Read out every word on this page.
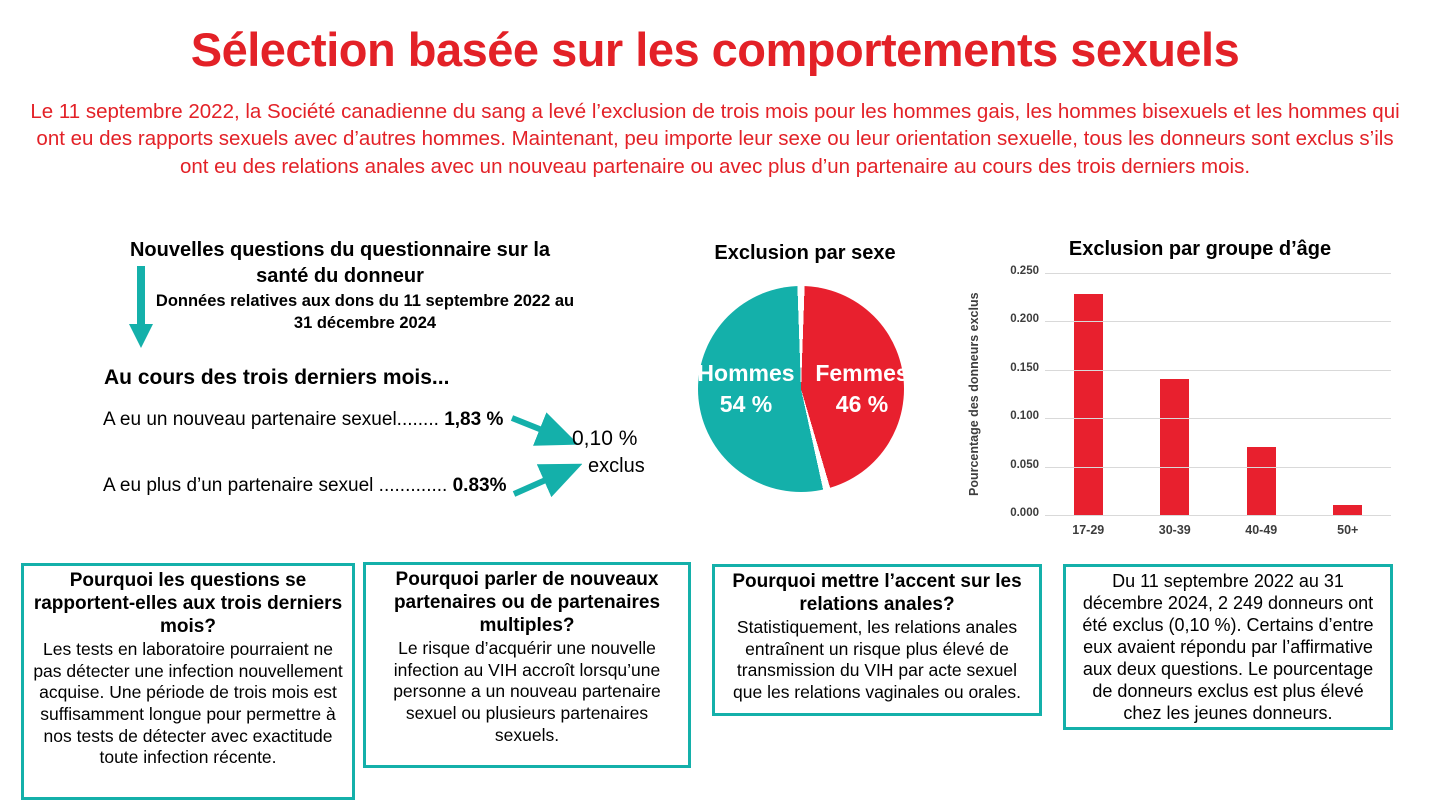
Sélection basée sur les comportements sexuels
Le 11 septembre 2022, la Société canadienne du sang a levé l’exclusion de trois mois pour les hommes gais, les hommes bisexuels et les hommes qui ont eu des rapports sexuels avec d’autres hommes. Maintenant, peu importe leur sexe ou leur orientation sexuelle, tous les donneurs sont exclus s’ils ont eu des relations anales avec un nouveau partenaire ou avec plus d’un partenaire au cours des trois derniers mois.
Nouvelles questions du questionnaire sur la santé du donneur
Données relatives aux dons du 11 septembre 2022 au 31 décembre 2024
Au cours des trois derniers mois...
A eu un nouveau partenaire sexuel........ 1,83 %
A eu plus d’un partenaire sexuel ............. 0.83%
0,10 %
exclus
Exclusion par sexe
Hommes
54 %
Femmes
46 %
Exclusion par groupe d’âge
Pourcentage des donneurs exclus
0.250
0.200
0.150
0.100
0.050
0.000
17-29	30-39	40-49	50+
Pourquoi les questions se rapportent-elles aux trois derniers mois?
Les tests en laboratoire pourraient ne pas détecter une infection nouvellement acquise. Une période de trois mois est suffisamment longue pour permettre à nos tests de détecter avec exactitude toute infection récente.
Pourquoi parler de nouveaux partenaires ou de partenaires multiples?
Le risque d’acquérir une nouvelle infection au VIH accroît lorsqu’une personne a un nouveau partenaire sexuel ou plusieurs partenaires sexuels.
Pourquoi mettre l’accent sur les relations anales?
Statistiquement, les relations anales entraînent un risque plus élevé de transmission du VIH par acte sexuel que les relations vaginales ou orales.
Du 11 septembre 2022 au 31 décembre 2024, 2 249 donneurs ont été exclus (0,10 %). Certains d’entre eux avaient répondu par l’affirmative aux deux questions. Le pourcentage de donneurs exclus est plus élevé chez les jeunes donneurs.
